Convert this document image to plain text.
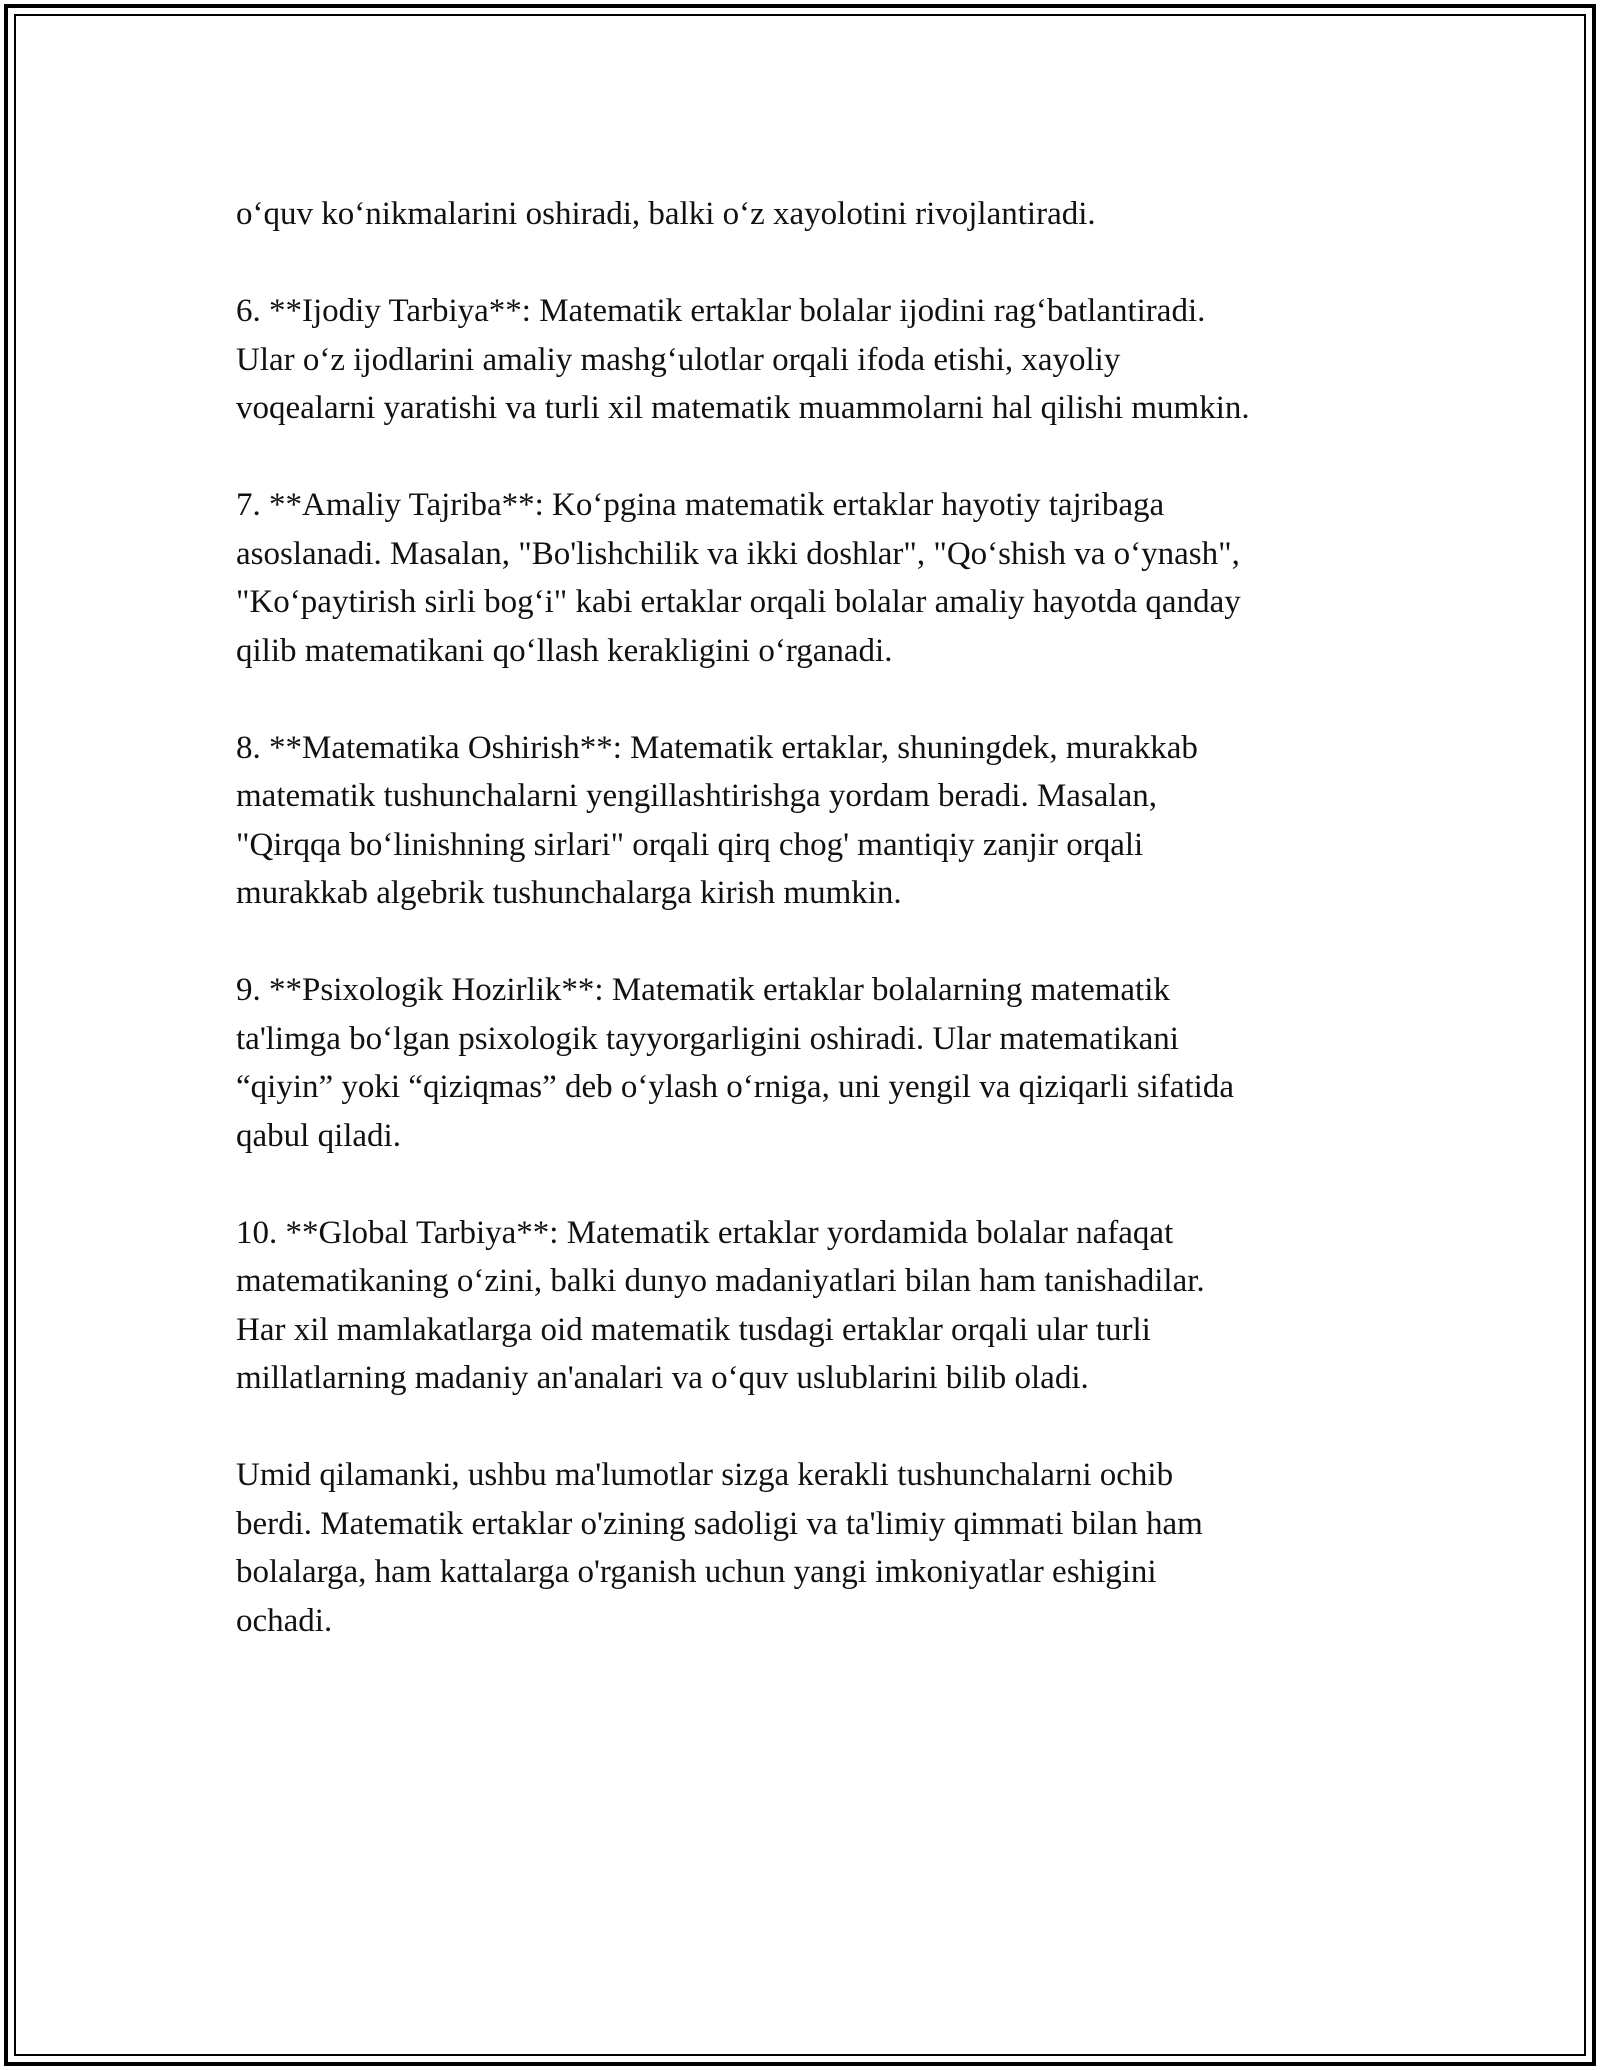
o‘quv ko‘nikmalarini oshiradi, balki o‘z xayolotini rivojlantiradi.
6. **Ijodiy Tarbiya**: Matematik ertaklar bolalar ijodini rag‘batlantiradi.
Ular o‘z ijodlarini amaliy mashg‘ulotlar orqali ifoda etishi, xayoliy
voqealarni yaratishi va turli xil matematik muammolarni hal qilishi mumkin.
7. **Amaliy Tajriba**: Ko‘pgina matematik ertaklar hayotiy tajribaga
asoslanadi. Masalan, "Bo'lishchilik va ikki doshlar", "Qo‘shish va o‘ynash",
"Ko‘paytirish sirli bog‘i" kabi ertaklar orqali bolalar amaliy hayotda qanday
qilib matematikani qo‘llash kerakligini o‘rganadi.
8. **Matematika Oshirish**: Matematik ertaklar, shuningdek, murakkab
matematik tushunchalarni yengillashtirishga yordam beradi. Masalan,
"Qirqqa bo‘linishning sirlari" orqali qirq chog' mantiqiy zanjir orqali
murakkab algebrik tushunchalarga kirish mumkin.
9. **Psixologik Hozirlik**: Matematik ertaklar bolalarning matematik
ta'limga bo‘lgan psixologik tayyorgarligini oshiradi. Ular matematikani
“qiyin” yoki “qiziqmas” deb o‘ylash o‘rniga, uni yengil va qiziqarli sifatida
qabul qiladi.
10. **Global Tarbiya**: Matematik ertaklar yordamida bolalar nafaqat
matematikaning o‘zini, balki dunyo madaniyatlari bilan ham tanishadilar.
Har xil mamlakatlarga oid matematik tusdagi ertaklar orqali ular turli
millatlarning madaniy an'analari va o‘quv uslublarini bilib oladi.
Umid qilamanki, ushbu ma'lumotlar sizga kerakli tushunchalarni ochib
berdi. Matematik ertaklar o'zining sadoligi va ta'limiy qimmati bilan ham
bolalarga, ham kattalarga o'rganish uchun yangi imkoniyatlar eshigini
ochadi.
